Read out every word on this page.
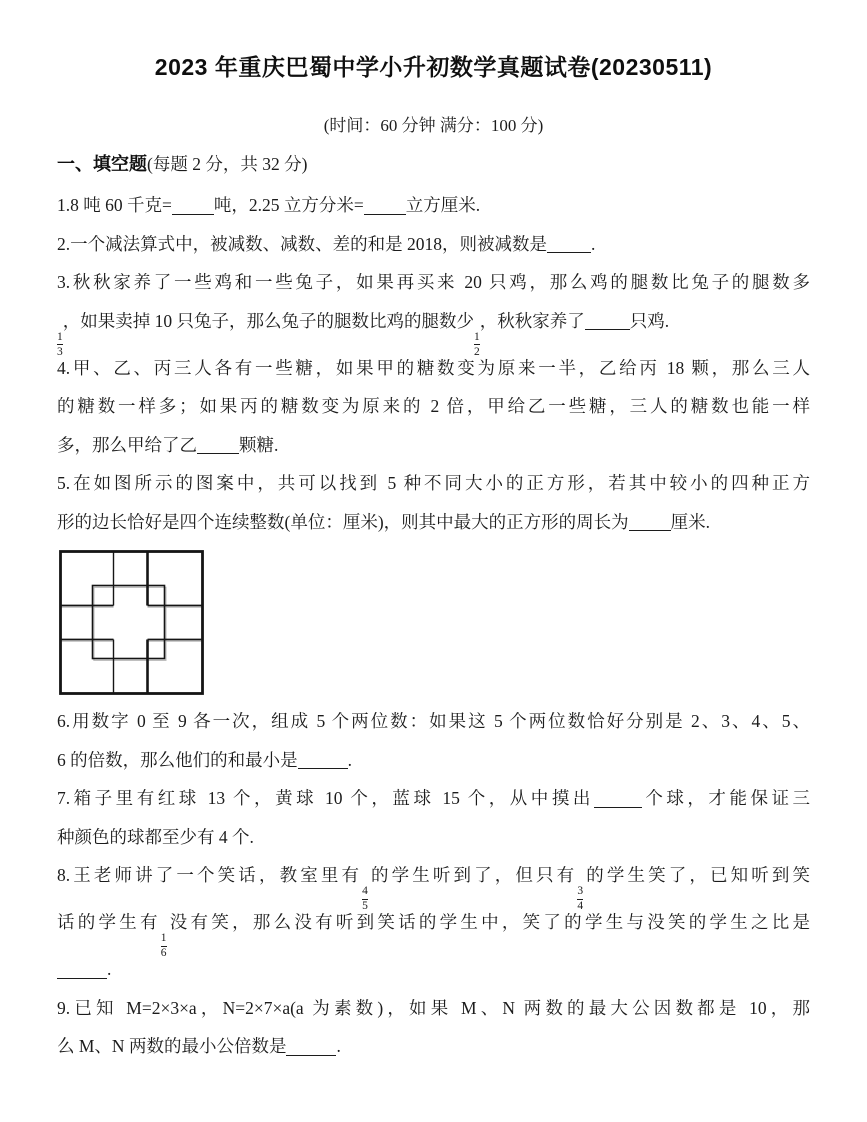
2023 年重庆巴蜀中学小升初数学真题试卷(20230511)
(时间：60 分钟 满分：100 分)
一、填空题(每题 2 分，共 32 分)
1.8 吨 60 千克= 吨，2.25 立方分米= 立方厘米.
2.一个减法算式中，被减数、减数、差的和是 2018，则被减数是	.
3.秋秋家养了一些鸡和一些兔子，如果再买来 20 只鸡，那么鸡的腿数比兔子的腿数多
$\frac{1}{3}$
，如果卖掉 10 只兔子，那么兔子的腿数比鸡的腿数少
$\frac{1}{2}$
，秋秋家养了	只鸡.
4.甲、乙、丙三人各有一些糖，如果甲的糖数变为原来一半，乙给丙 18 颗，那么三人
的糖数一样多；如果丙的糖数变为原来的 2 倍，甲给乙一些糖，三人的糖数也能一样
多，那么甲给了乙 颗糖.
5.在如图所示的图案中，共可以找到 5 种不同大小的正方形，若其中较小的四种正方
形的边长恰好是四个连续整数(单位：厘米)，则其中最大的正方形的周长为 厘米.
6.用数字 0 至 9 各一次，组成 5 个两位数：如果这 5 个两位数恰好分别是 2、3、4、5、
6 的倍数，那么他们的和最小是	.
7.箱子里有红球 13 个，黄球 10 个，蓝球 15 个，从中摸出	个球，才能保证三
种颜色的球都至少有 4 个.
8.王老师讲了一个笑话，教室里有
$\frac{4}{5}$
的学生听到了，但只有
$\frac{3}{4}$
的学生笑了，已知听到笑
话的学生有
$\frac{1}{6}$
没有笑，那么没有听到笑话的学生中，笑了的学生与没笑的学生之比是
.
9.已知 M=2×3×a，N=2×7×a(a 为素数)，如果 M、N 两数的最大公因数都是 10，那
么 M、N 两数的最小公倍数是	.
